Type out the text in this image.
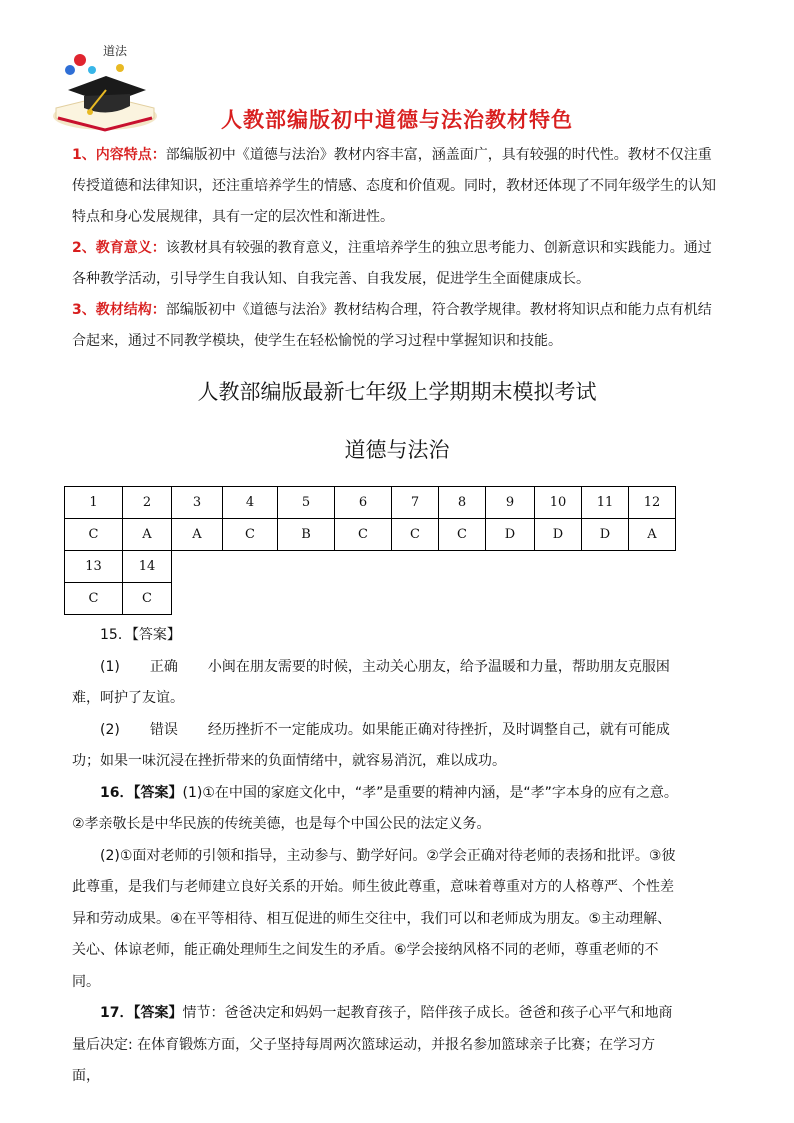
道法
人教部编版初中道德与法治教材特色

1、内容特点：部编版初中《道德与法治》教材内容丰富，涵盖面广，具有较强的时代性。教材不仅注重传授道德和法律知识，还注重培养学生的情感、态度和价值观。同时，教材还体现了不同年级学生的认知特点和身心发展规律，具有一定的层次性和渐进性。

2、教育意义：该教材具有较强的教育意义，注重培养学生的独立思考能力、创新意识和实践能力。通过各种教学活动，引导学生自我认知、自我完善、自我发展，促进学生全面健康成长。

3、教材结构：部编版初中《道德与法治》教材结构合理，符合教学规律。教材将知识点和能力点有机结合起来，通过不同教学模块，使学生在轻松愉悦的学习过程中掌握知识和技能。

人教部编版最新七年级上学期期末模拟考试
道德与法治
1	2	3	4	5	6	7	8	9	10	11	12
C	A	A	C	B	C	C	C	D	D	D	A
13	14
C	C

15．【答案】

(1) 正确 小闽在朋友需要的时候，主动关心朋友，给予温暖和力量，帮助朋友克服困难，呵护了友谊。

(2) 错误 经历挫折不一定能成功。如果能正确对待挫折，及时调整自己，就有可能成功；如果一味沉浸在挫折带来的负面情绪中，就容易消沉，难以成功。

16．【答案】(1)①在中国的家庭文化中，“孝”是重要的精神内涵，是“孝”字本身的应有之意。②孝亲敬长是中华民族的传统美德，也是每个中国公民的法定义务。

(2)①面对老师的引领和指导，主动参与、勤学好问。②学会正确对待老师的表扬和批评。③彼此尊重，是我们与老师建立良好关系的开始。师生彼此尊重，意味着尊重对方的人格尊严、个性差异和劳动成果。④在平等相待、相互促进的师生交往中，我们可以和老师成为朋友。⑤主动理解、关心、体谅老师，能正确处理师生之间发生的矛盾。⑥学会接纳风格不同的老师，尊重老师的不同。

17．【答案】情节：爸爸决定和妈妈一起教育孩子，陪伴孩子成长。爸爸和孩子心平气和地商量后决定: 在体育锻炼方面，父子坚持每周两次篮球运动，并报名参加篮球亲子比赛；在学习方面，
